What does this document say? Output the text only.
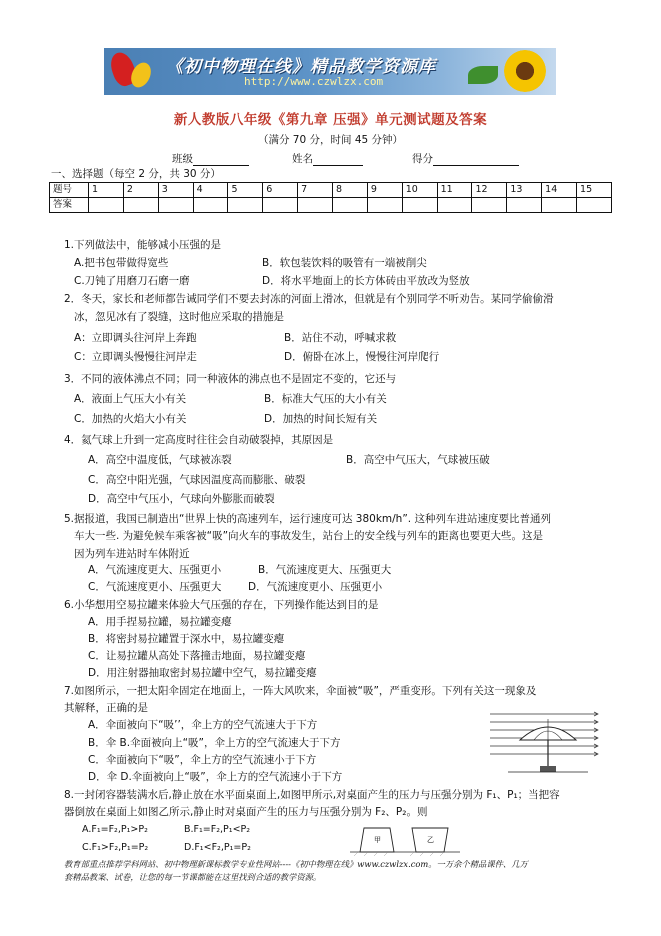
《初中物理在线》精品教学资源库
http://www.czwlzx.com
新人教版八年级《第九章 压强》单元测试题及答案
（满分 70 分，时间 45 分钟）
班级	姓名	得分
一、选择题（每空 2 分，共 30 分）
题号	1	2	3	4	5	6	7	8	9	10	11	12	13	14	15
答案															
1.下列做法中，能够减小压强的是
A.把书包带做得宽些	B．软包装饮料的吸管有一端被削尖
C.刀钝了用磨刀石磨一磨	D．将水平地面上的长方体砖由平放改为竖放
2．冬天，家长和老师都告诫同学们不要去封冻的河面上滑冰，但就是有个别同学不听劝告。某同学偷偷滑
冰，忽见冰有了裂缝，这时他应采取的措施是
A：立即调头往河岸上奔跑	B．站住不动，呼喊求救
C：立即调头慢慢往河岸走	D．俯卧在冰上，慢慢往河岸爬行
3．不同的液体沸点不同；同一种液体的沸点也不是固定不变的，它还与
A．液面上气压大小有关	B．标准大气压的大小有关
C．加热的火焰大小有关	D．加热的时间长短有关
4．氦气球上升到一定高度时往往会自动破裂掉，其原因是
A．高空中温度低，气球被冻裂	B．高空中气压大，气球被压破
C．高空中阳光强，气球因温度高而膨胀、破裂
D．高空中气压小，气球向外膨胀而破裂
5.据报道，我国已制造出“世界上快的高速列车，运行速度可达 380km/h”. 这种列车进站速度要比普通列
车大一些. 为避免候车乘客被“吸”向火车的事故发生，站台上的安全线与列车的距离也要更大些。这是
因为列车进站时车体附近
A．气流速度更大、压强更小	B．气流速度更大、压强更大
C．气流速度更小、压强更大	D．气流速度更小、压强更小
6.小华想用空易拉罐来体验大气压强的存在，下列操作能达到目的是
A．用手捏易拉罐，易拉罐变瘪
B．将密封易拉罐置于深水中，易拉罐变瘪
C．让易拉罐从高处下落撞击地面，易拉罐变瘪
D．用注射器抽取密封易拉罐中空气，易拉罐变瘪
7.如图所示，一把太阳伞固定在地面上，一阵大风吹来，伞面被“吸”，严重变形。下列有关这一现象及
其解释，正确的是
A．伞面被向下“吸’’，伞上方的空气流速大于下方
B．伞 B.伞面被向上“吸”，伞上方的空气流速大于下方
C．伞面被向下“吸”，伞上方的空气流速小于下方
D．伞 D.伞面被向上“吸”，伞上方的空气流速小于下方
8.一封闭容器装满水后,静止放在水平面桌面上,如图甲所示,对桌面产生的压力与压强分别为 F₁、P₁；当把容
器倒放在桌面上如图乙所示,静止时对桌面产生的压力与压强分别为 F₂、P₂。则
A.F₁=F₂,P₁>P₂	B.F₁=F₂,P₁<P₂
C.F₁>F₂,P₁=P₂	D.F₁<F₂,P₁=P₂
甲	乙
教育部重点推荐学科网站、初中物理新课标教学专业性网站----《初中物理在线》www.czwlzx.com。一万余个精品课件、几万
套精品教案、试卷，让您的每一节课都能在这里找到合适的教学资源。
